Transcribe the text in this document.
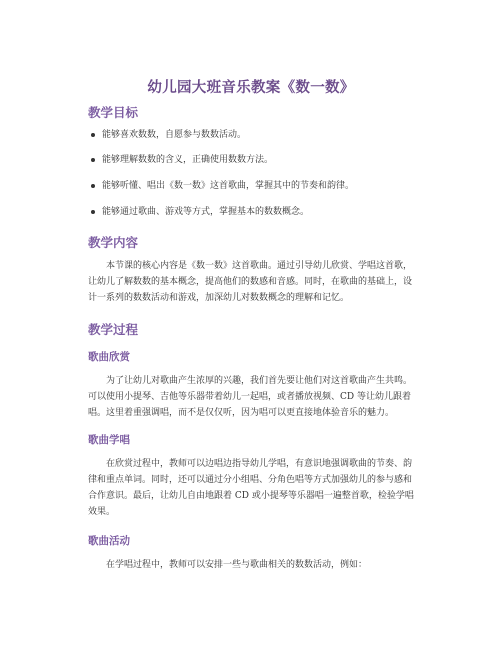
幼儿园大班音乐教案《数一数》
教学目标
能够喜欢数数，自愿参与数数活动。
能够理解数数的含义，正确使用数数方法。
能够听懂、唱出《数一数》这首歌曲，掌握其中的节奏和韵律。
能够通过歌曲、游戏等方式，掌握基本的数数概念。
教学内容
本节课的核心内容是《数一数》这首歌曲。通过引导幼儿欣赏、学唱这首歌，
让幼儿了解数数的基本概念，提高他们的数感和音感。同时，在歌曲的基础上，设
计一系列的数数活动和游戏，加深幼儿对数数概念的理解和记忆。
教学过程
歌曲欣赏
为了让幼儿对歌曲产生浓厚的兴趣，我们首先要让他们对这首歌曲产生共鸣。
可以使用小提琴、吉他等乐器带着幼儿一起唱，或者播放视频、CD 等让幼儿跟着
唱。这里着重强调唱，而不是仅仅听，因为唱可以更直接地体验音乐的魅力。
歌曲学唱
在欣赏过程中，教师可以边唱边指导幼儿学唱，有意识地强调歌曲的节奏、韵
律和重点单词。同时，还可以通过分小组唱、分角色唱等方式加强幼儿的参与感和
合作意识。最后，让幼儿自由地跟着 CD 或小提琴等乐器唱一遍整首歌，检验学唱
效果。
歌曲活动
在学唱过程中，教师可以安排一些与歌曲相关的数数活动，例如：
